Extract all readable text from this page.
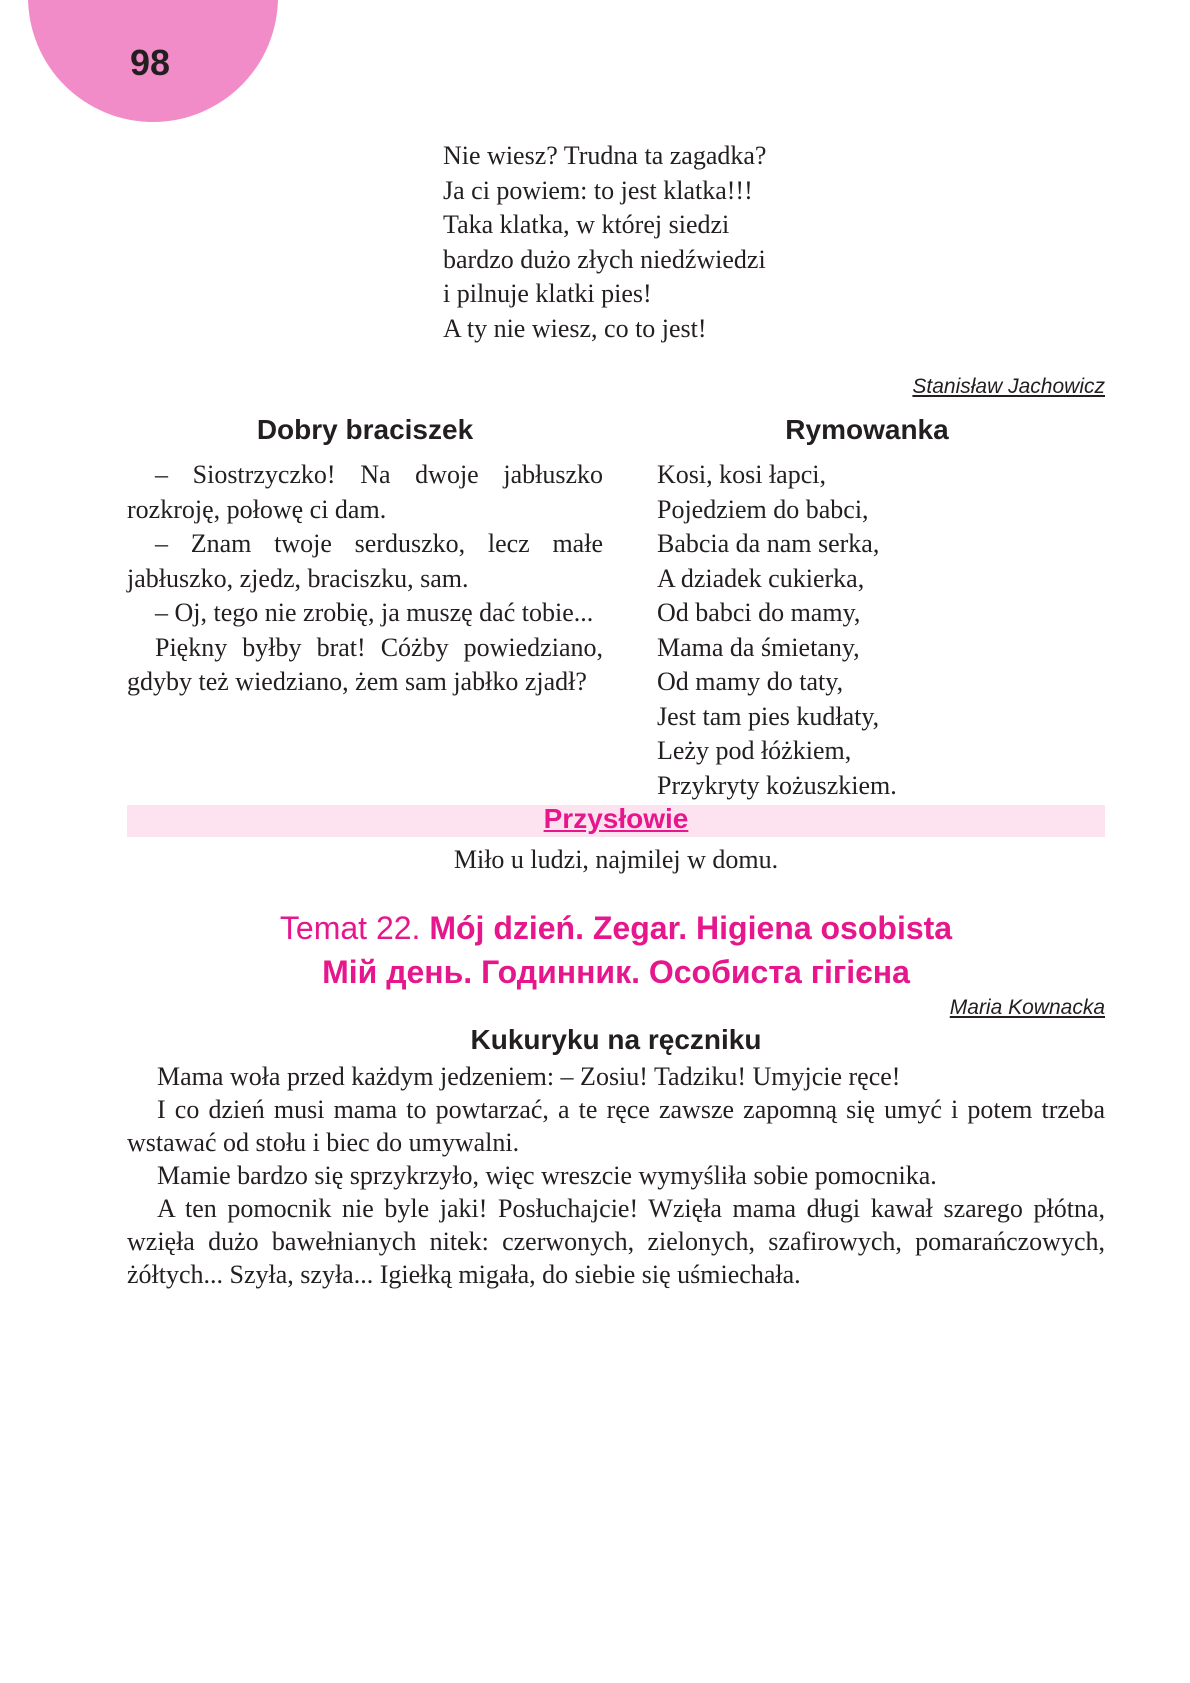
98
Nie wiesz? Trudna ta zagadka?
Ja ci powiem: to jest klatka!!!
Taka klatka, w której siedzi
bardzo dużo złych niedźwiedzi
i pilnuje klatki pies!
A ty nie wiesz, co to jest!
Stanisław Jachowicz
Dobry braciszek	Rymowanka

– Siostrzyczko! Na dwoje jabłuszko rozkroję, połowę ci dam.

– Znam twoje serduszko, lecz małe jabłuszko, zjedz, braciszku, sam.

– Oj, tego nie zrobię, ja muszę dać tobie...

Piękny byłby brat! Cóżby powiedziano, gdyby też wiedziano, żem sam jabłko zjadł?

Kosi, kosi łapci,
Pojedziem do babci,
Babcia da nam serka,
A dziadek cukierka,
Od babci do mamy,
Mama da śmietany,
Od mamy do taty,
Jest tam pies kudłaty,
Leży pod łóżkiem,
Przykryty kożuszkiem.
Przysłowie
Miło u ludzi, najmilej w domu.
Temat 22. Mój dzień. Zegar. Higiena osobista
Мій день. Годинник. Особиста гігієна
Maria Kownacka
Kukuryku na ręczniku

Mama woła przed każdym jedzeniem: – Zosiu! Tadziku! Umyjcie ręce!

I co dzień musi mama to powtarzać, a te ręce zawsze zapomną się umyć i potem trzeba wstawać od stołu i biec do umywalni.

Mamie bardzo się sprzykrzyło, więc wreszcie wymyśliła sobie pomocnika.

A ten pomocnik nie byle jaki! Posłuchajcie! Wzięła mama długi kawał szarego płótna, wzięła dużo bawełnianych nitek: czerwonych, zielonych, szafirowych, pomarańczowych, żółtych... Szyła, szyła... Igiełką migała, do siebie się uśmiechała.
